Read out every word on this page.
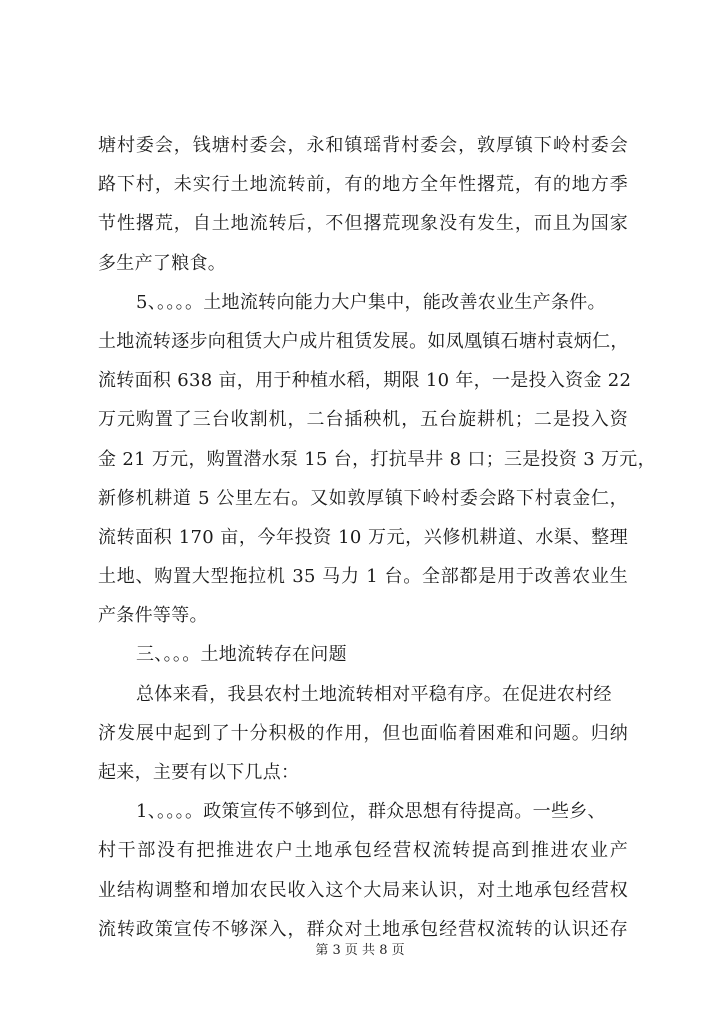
塘村委会，钱塘村委会，永和镇瑶背村委会，敦厚镇下岭村委会
路下村，未实行土地流转前，有的地方全年性撂荒，有的地方季
节性撂荒，自土地流转后，不但撂荒现象没有发生，而且为国家
多生产了粮食。
5、。。。。土地流转向能力大户集中，能改善农业生产条件。
土地流转逐步向租赁大户成片租赁发展。如凤凰镇石塘村袁炳仁，
流转面积 638 亩，用于种植水稻，期限 10 年，一是投入资金 22
万元购置了三台收割机，二台插秧机，五台旋耕机；二是投入资
金 21 万元，购置潜水泵 15 台，打抗旱井 8 口；三是投资 3 万元，
新修机耕道 5 公里左右。又如敦厚镇下岭村委会路下村袁金仁，
流转面积 170 亩，今年投资 10 万元，兴修机耕道、水渠、整理
土地、购置大型拖拉机 35 马力 1 台。全部都是用于改善农业生
产条件等等。
三、。。。土地流转存在问题
总体来看，我县农村土地流转相对平稳有序。在促进农村经
济发展中起到了十分积极的作用，但也面临着困难和问题。归纳
起来，主要有以下几点：
1、。。。。政策宣传不够到位，群众思想有待提高。一些乡、
村干部没有把推进农户土地承包经营权流转提高到推进农业产
业结构调整和增加农民收入这个大局来认识，对土地承包经营权
流转政策宣传不够深入，群众对土地承包经营权流转的认识还存
第 3 页 共 8 页
